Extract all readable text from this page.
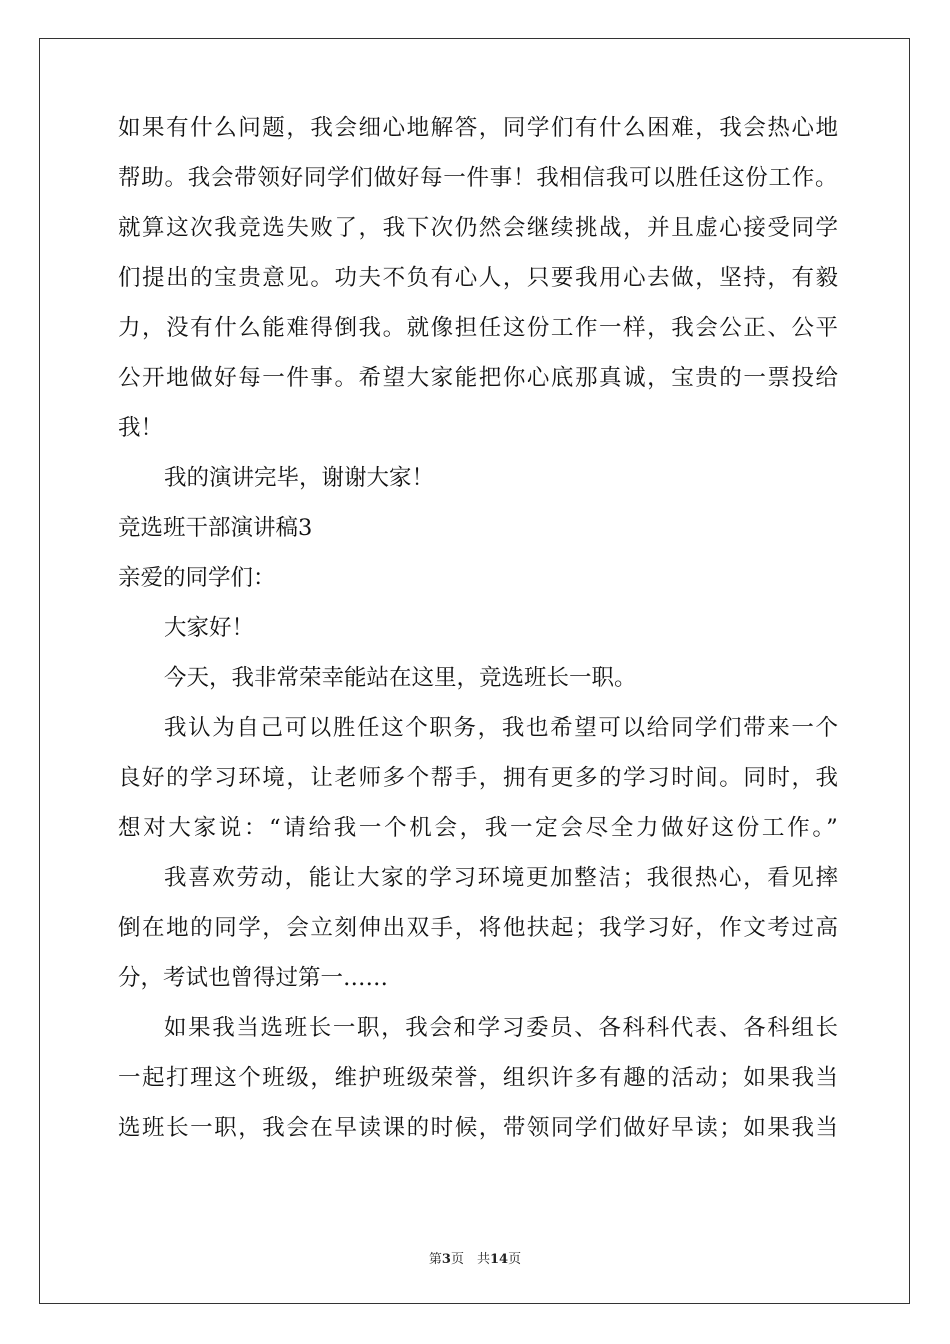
如果有什么问题，我会细心地解答，同学们有什么困难，我会热心地
帮助。我会带领好同学们做好每一件事！我相信我可以胜任这份工作。
就算这次我竞选失败了，我下次仍然会继续挑战，并且虚心接受同学
们提出的宝贵意见。功夫不负有心人，只要我用心去做，坚持，有毅
力，没有什么能难得倒我。就像担任这份工作一样，我会公正、公平
公开地做好每一件事。希望大家能把你心底那真诚，宝贵的一票投给
我！
我的演讲完毕，谢谢大家！
竞选班干部演讲稿3
亲爱的同学们：
大家好！
今天，我非常荣幸能站在这里，竞选班长一职。
我认为自己可以胜任这个职务，我也希望可以给同学们带来一个
良好的学习环境，让老师多个帮手，拥有更多的学习时间。同时，我
想对大家说：“请给我一个机会，我一定会尽全力做好这份工作。”
我喜欢劳动，能让大家的学习环境更加整洁；我很热心，看见摔
倒在地的同学，会立刻伸出双手，将他扶起；我学习好，作文考过高
分，考试也曾得过第一……
如果我当选班长一职，我会和学习委员、各科科代表、各科组长
一起打理这个班级，维护班级荣誉，组织许多有趣的活动；如果我当
选班长一职，我会在早读课的时候，带领同学们做好早读；如果我当
第3页　共14页
